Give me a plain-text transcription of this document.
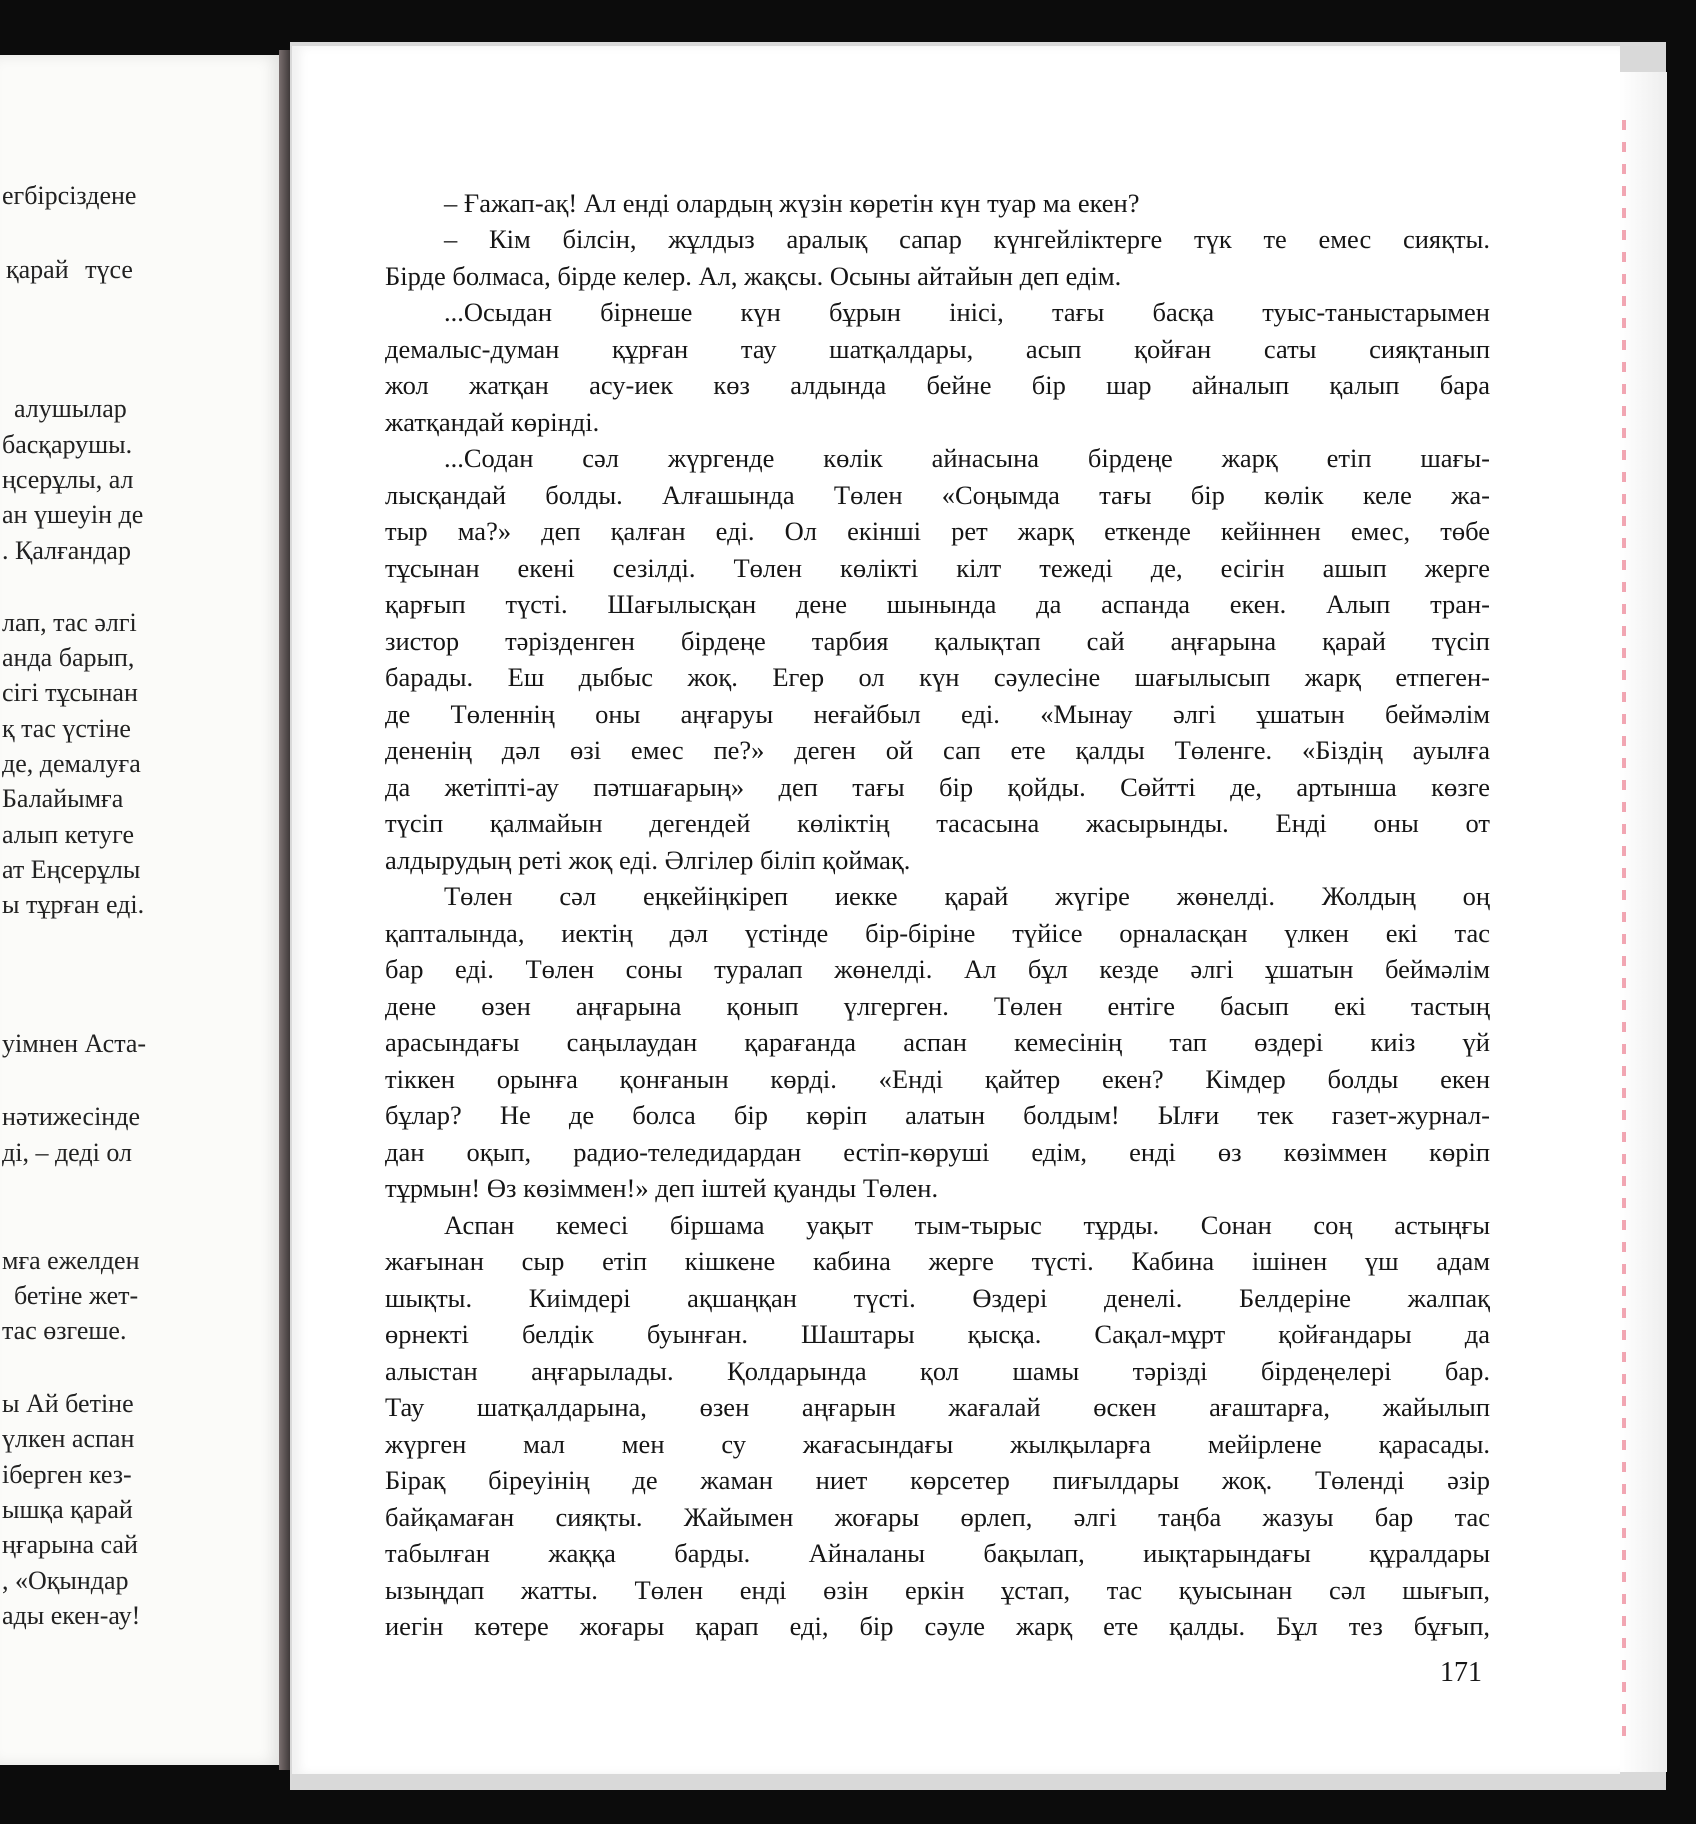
егбірсіздене
қарай түсе
алушылар
басқарушы.
ңсерұлы, ал
ан үшеуін де
. Қалғандар
лап, тас әлгі
анда барып,
сігі тұсынан
қ тас үстіне
де, демалуға
Балайымға
алып кетуге
ат Еңсерұлы
ы тұрған еді.
уімнен Аста-
нәтижесінде
ді, – деді ол
мға ежелден
бетіне жет-
тас өзгеше.
ы Ай бетіне
үлкен аспан
іберген кез-
ышқа қарай
ңғарына сай
, «Оқындар
ады екен-ау!
– Ғажап-ақ! Ал енді олардың жүзін көретін күн туар ма екен?
– Кім білсін, жұлдыз аралық сапар күнгейліктерге түк те емес сияқты.
Бірде болмаса, бірде келер. Ал, жақсы. Осыны айтайын деп едім.
...Осыдан бірнеше күн бұрын інісі, тағы басқа туыс-таныстарымен
демалыс-думан құрған тау шатқалдары, асып қойған саты сияқтанып
жол жатқан асу-иек көз алдында бейне бір шар айналып қалып бара
жатқандай көрінді.
...Содан сәл жүргенде көлік айнасына бірдеңе жарқ етіп шағы-
лысқандай болды. Алғашында Төлен «Соңымда тағы бір көлік келе жа-
тыр ма?» деп қалған еді. Ол екінші рет жарқ еткенде кейіннен емес, төбе
тұсынан екені сезілді. Төлен көлікті кілт тежеді де, есігін ашып жерге
қарғып түсті. Шағылысқан дене шынында да аспанда екен. Алып тран-
зистор тәрізденген бірдеңе тарбия қалықтап сай аңғарына қарай түсіп
барады. Еш дыбыс жоқ. Егер ол күн сәулесіне шағылысып жарқ етпеген-
де Төленнің оны аңғаруы неғайбыл еді. «Мынау әлгі ұшатын беймәлім
дененің дәл өзі емес пе?» деген ой сап ете қалды Төленге. «Біздің ауылға
да жетіпті-ау пәтшағарың» деп тағы бір қойды. Сөйтті де, артынша көзге
түсіп қалмайын дегендей көліктің тасасына жасырынды. Енді оны от
алдырудың реті жоқ еді. Әлгілер біліп қоймақ.
Төлен сәл еңкейіңкіреп иекке қарай жүгіре жөнелді. Жолдың оң
қапталында, иектің дәл үстінде бір-біріне түйісе орналасқан үлкен екі тас
бар еді. Төлен соны туралап жөнелді. Ал бұл кезде әлгі ұшатын беймәлім
дене өзен аңғарына қонып үлгерген. Төлен ентігe басып екі тастың
арасындағы саңылаудан қарағанда аспан кемесінің тап өздері киіз үй
тіккен орынға қонғанын көрді. «Енді қайтер екен? Кімдер болды екен
бұлар? Не де болса бір көріп алатын болдым! Ылғи тек газет-журнал-
дан оқып, радио-теледидардан естіп-көруші едім, енді өз көзіммен көріп
тұрмын! Өз көзіммен!» деп іштей қуанды Төлен.
Аспан кемесі біршама уақыт тым-тырыс тұрды. Сонан соң астыңғы
жағынан сыр етіп кішкене кабина жерге түсті. Кабина ішінен үш адам
шықты. Киімдері ақшаңқан түсті. Өздері денелі. Белдеріне жалпақ
өрнекті белдік буынған. Шаштары қысқа. Сақал-мұрт қойғандары да
алыстан аңғарылады. Қолдарында қол шамы тәрізді бірдеңелері бар.
Тау шатқалдарына, өзен аңғарын жағалай өскен ағаштарға, жайылып
жүрген мал мен су жағасындағы жылқыларға мейірлене қарасады.
Бірақ біреуінің де жаман ниет көрсетер пиғылдары жоқ. Төленді әзір
байқамаған сияқты. Жайымен жоғары өрлеп, әлгі таңба жазуы бар тас
табылған жаққа барды. Айналаны бақылап, иықтарындағы құралдары
ызыңдап жатты. Төлен енді өзін еркін ұстап, тас қуысынан сәл шығып,
иегін көтере жоғары қарап еді, бір сәуле жарқ ете қалды. Бұл тез бұғып,
171
